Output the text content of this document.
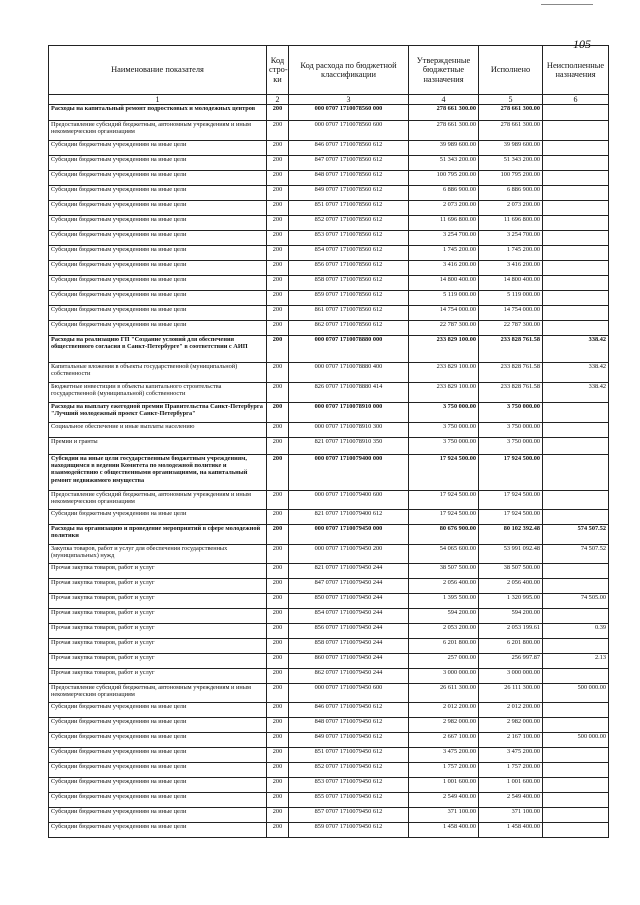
105
Наименование показателя	Код стро-ки	Код расхода по бюджетной классификации	Утвержденные бюджетные назначения	Исполнено	Неисполненные назначения
1	2	3	4	5	6
Расходы на капитальный ремонт подростковых и молодежных центров	200	000 0707 1710078560 000	278 661 300.00	278 661 300.00	
Предоставление субсидий бюджетным, автономным учреждениям и иным некоммерческим организациям	200	000 0707 1710078560 600	278 661 300.00	278 661 300.00	
Субсидии бюджетным учреждениям на иные цели	200	846 0707 1710078560 612	39 989 600.00	39 989 600.00	
Субсидии бюджетным учреждениям на иные цели	200	847 0707 1710078560 612	51 343 200.00	51 343 200.00	
Субсидии бюджетным учреждениям на иные цели	200	848 0707 1710078560 612	100 795 200.00	100 795 200.00	
Субсидии бюджетным учреждениям на иные цели	200	849 0707 1710078560 612	6 886 900.00	6 886 900.00	
Субсидии бюджетным учреждениям на иные цели	200	851 0707 1710078560 612	2 073 200.00	2 073 200.00	
Субсидии бюджетным учреждениям на иные цели	200	852 0707 1710078560 612	11 696 800.00	11 696 800.00	
Субсидии бюджетным учреждениям на иные цели	200	853 0707 1710078560 612	3 254 700.00	3 254 700.00	
Субсидии бюджетным учреждениям на иные цели	200	854 0707 1710078560 612	1 745 200.00	1 745 200.00	
Субсидии бюджетным учреждениям на иные цели	200	856 0707 1710078560 612	3 416 200.00	3 416 200.00	
Субсидии бюджетным учреждениям на иные цели	200	858 0707 1710078560 612	14 800 400.00	14 800 400.00	
Субсидии бюджетным учреждениям на иные цели	200	859 0707 1710078560 612	5 119 000.00	5 119 000.00	
Субсидии бюджетным учреждениям на иные цели	200	861 0707 1710078560 612	14 754 000.00	14 754 000.00	
Субсидии бюджетным учреждениям на иные цели	200	862 0707 1710078560 612	22 787 300.00	22 787 300.00	
Расходы на реализацию ГП "Создание условий для обеспечения общественного согласия в Санкт-Петербурге" в соответствии с АИП	200	000 0707 1710078880 000	233 829 100.00	233 828 761.58	338.42
Капитальные вложения в объекты государственной (муниципальной) собственности	200	000 0707 1710078880 400	233 829 100.00	233 828 761.58	338.42
Бюджетные инвестиции в объекты капитального строительства государственной (муниципальной) собственности	200	826 0707 1710078880 414	233 829 100.00	233 828 761.58	338.42
Расходы на выплату ежегодной премии Правительства Санкт-Петербурга "Лучший молодежный проект Санкт-Петербурга"	200	000 0707 1710078910 000	3 750 000.00	3 750 000.00	
Социальное обеспечение и иные выплаты населению	200	000 0707 1710078910 300	3 750 000.00	3 750 000.00	
Премии и гранты	200	821 0707 1710078910 350	3 750 000.00	3 750 000.00	
Субсидии на иные цели государственным бюджетным учреждениям, находящимся в ведении Комитета по молодежной политике и взаимодействию с общественными организациями, на капитальный ремонт недвижимого имущества	200	000 0707 1710079400 000	17 924 500.00	17 924 500.00	
Предоставление субсидий бюджетным, автономным учреждениям и иным некоммерческим организациям	200	000 0707 1710079400 600	17 924 500.00	17 924 500.00	
Субсидии бюджетным учреждениям на иные цели	200	821 0707 1710079400 612	17 924 500.00	17 924 500.00	
Расходы на организацию и проведение мероприятий в сфере молодежной политики	200	000 0707 1710079450 000	80 676 900.00	80 102 392.48	574 507.52
Закупка товаров, работ и услуг для обеспечения государственных (муниципальных) нужд	200	000 0707 1710079450 200	54 065 600.00	53 991 092.48	74 507.52
Прочая закупка товаров, работ и услуг	200	821 0707 1710079450 244	38 507 500.00	38 507 500.00	
Прочая закупка товаров, работ и услуг	200	847 0707 1710079450 244	2 056 400.00	2 056 400.00	
Прочая закупка товаров, работ и услуг	200	850 0707 1710079450 244	1 395 500.00	1 320 995.00	74 505.00
Прочая закупка товаров, работ и услуг	200	854 0707 1710079450 244	594 200.00	594 200.00	
Прочая закупка товаров, работ и услуг	200	856 0707 1710079450 244	2 053 200.00	2 053 199.61	0.39
Прочая закупка товаров, работ и услуг	200	858 0707 1710079450 244	6 201 800.00	6 201 800.00	
Прочая закупка товаров, работ и услуг	200	860 0707 1710079450 244	257 000.00	256 997.87	2.13
Прочая закупка товаров, работ и услуг	200	862 0707 1710079450 244	3 000 000.00	3 000 000.00	
Предоставление субсидий бюджетным, автономным учреждениям и иным некоммерческим организациям	200	000 0707 1710079450 600	26 611 300.00	26 111 300.00	500 000.00
Субсидии бюджетным учреждениям на иные цели	200	846 0707 1710079450 612	2 012 200.00	2 012 200.00	
Субсидии бюджетным учреждениям на иные цели	200	848 0707 1710079450 612	2 982 000.00	2 982 000.00	
Субсидии бюджетным учреждениям на иные цели	200	849 0707 1710079450 612	2 667 100.00	2 167 100.00	500 000.00
Субсидии бюджетным учреждениям на иные цели	200	851 0707 1710079450 612	3 475 200.00	3 475 200.00	
Субсидии бюджетным учреждениям на иные цели	200	852 0707 1710079450 612	1 757 200.00	1 757 200.00	
Субсидии бюджетным учреждениям на иные цели	200	853 0707 1710079450 612	1 001 600.00	1 001 600.00	
Субсидии бюджетным учреждениям на иные цели	200	855 0707 1710079450 612	2 549 400.00	2 549 400.00	
Субсидии бюджетным учреждениям на иные цели	200	857 0707 1710079450 612	371 100.00	371 100.00	
Субсидии бюджетным учреждениям на иные цели	200	859 0707 1710079450 612	1 458 400.00	1 458 400.00	
